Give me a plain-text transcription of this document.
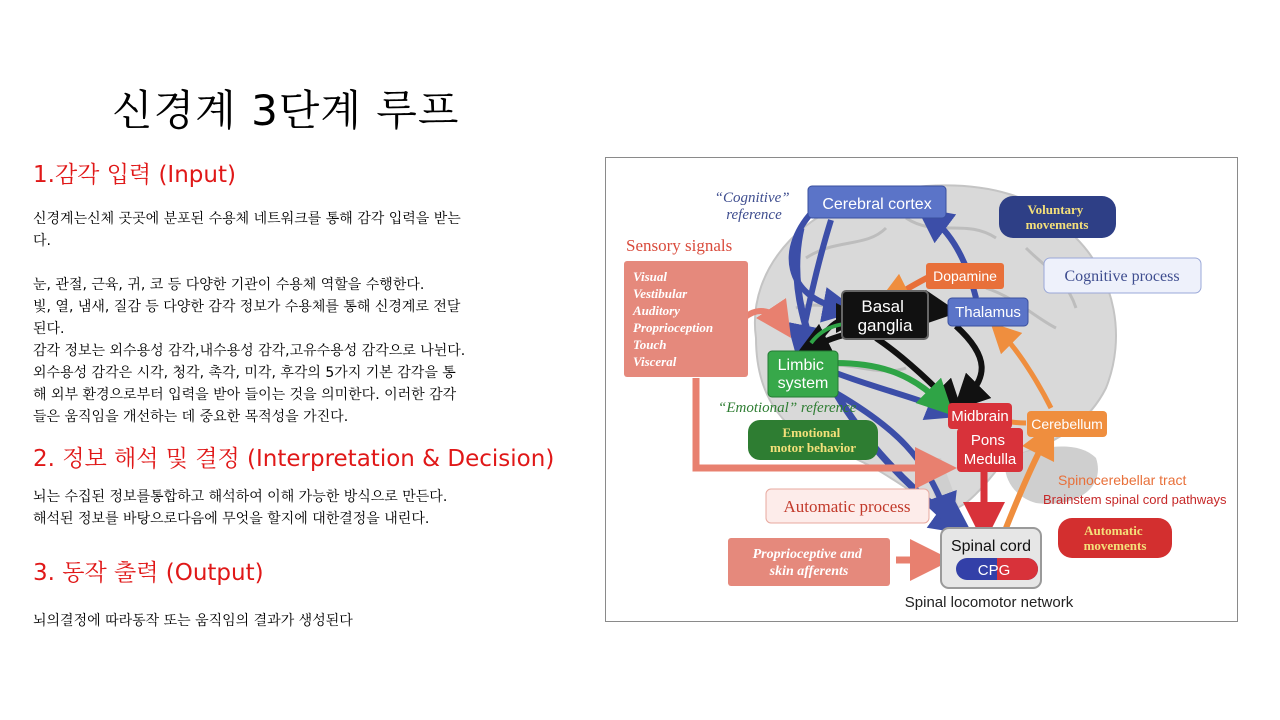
신경계 3단계 루프
1.감각 입력 (Input)
신경계는신체 곳곳에 분포된 수용체 네트워크를 통해 감각 입력을 받는
다.
눈, 관절, 근육, 귀, 코 등 다양한 기관이 수용체 역할을 수행한다.
빛, 열, 냄새, 질감 등 다양한 감각 정보가 수용체를 통해 신경계로 전달
된다.
감각 정보는 외수용성 감각,내수용성 감각,고유수용성 감각으로 나뉜다.
외수용성 감각은 시각, 청각, 촉각, 미각, 후각의 5가지 기본 감각을 통
해 외부 환경으로부터 입력을 받아 들이는 것을 의미한다. 이러한 감각
들은 움직임을 개선하는 데 중요한 목적성을 가진다.
2. 정보 해석 및 결정 (Interpretation & Decision)
뇌는 수집된 정보를통합하고 해석하여 이해 가능한 방식으로 만든다.
해석된 정보를 바탕으로다음에 무엇을 할지에 대한결정을 내린다.
3. 동작 출력 (Output)
뇌의결정에 따라동작 또는 움직임의 결과가 생성된다
“Cognitive” reference
Cerebral cortex	Voluntary movements
Sensory signals
Visual Vestibular Auditory Proprioception Touch Visceral
Dopamine	Cognitive process
Basal ganglia
Thalamus
Limbic system
“Emotional” reference
Emotional motor behavior
Midbrain
Pons Medulla
Cerebellum
Spinocerebellar tract
Brainstem spinal cord pathways
Automatic process
Automatic movements
Proprioceptive and skin afferents
Spinal cord
CPG
Spinal locomotor network
